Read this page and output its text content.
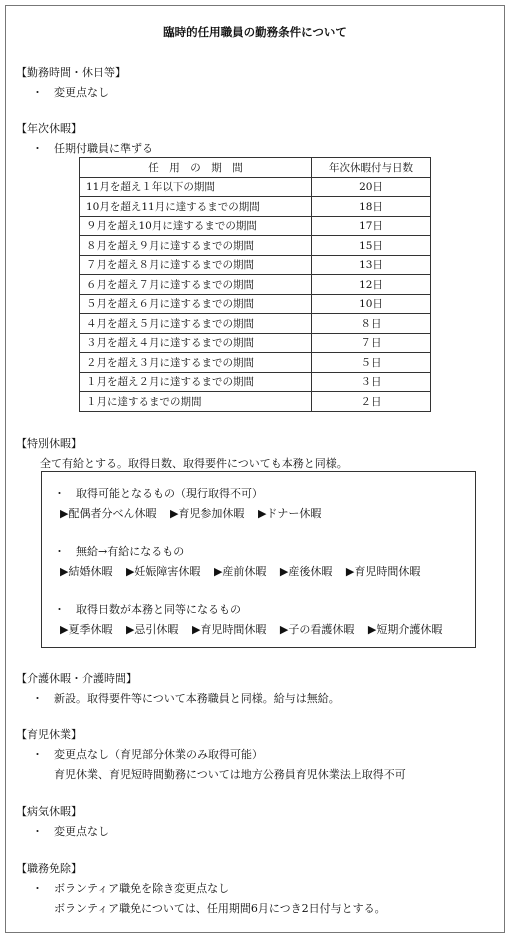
臨時的任用職員の勤務条件について
【勤務時間・休日等】
・ 変更点なし
【年次休暇】
・ 任期付職員に準ずる
任　用　の　期　間	年次休暇付与日数
11月を超え１年以下の期間	20日
10月を超え11月に達するまでの期間	18日
９月を超え10月に達するまでの期間	17日
８月を超え９月に達するまでの期間	15日
７月を超え８月に達するまでの期間	13日
６月を超え７月に達するまでの期間	12日
５月を超え６月に達するまでの期間	10日
４月を超え５月に達するまでの期間	８日
３月を超え４月に達するまでの期間	７日
２月を超え３月に達するまでの期間	５日
１月を超え２月に達するまでの期間	３日
１月に達するまでの期間	２日
【特別休暇】
全て有給とする。取得日数、取得要件についても本務と同様。
・　取得可能となるもの（現行取得不可）
▶配偶者分べん休暇 ▶育児参加休暇 ▶ドナー休暇
・　無給→有給になるもの
▶結婚休暇 ▶妊娠障害休暇 ▶産前休暇 ▶産後休暇 ▶育児時間休暇
・　取得日数が本務と同等になるもの
▶夏季休暇 ▶忌引休暇 ▶育児時間休暇 ▶子の看護休暇 ▶短期介護休暇
【介護休暇・介護時間】
・ 新設。取得要件等について本務職員と同様。給与は無給。
【育児休業】
・ 変更点なし（育児部分休業のみ取得可能）
育児休業、育児短時間勤務については地方公務員育児休業法上取得不可
【病気休暇】
・ 変更点なし
【職務免除】
・ ボランティア職免を除き変更点なし
ボランティア職免については、任用期間6月につき2日付与とする。
